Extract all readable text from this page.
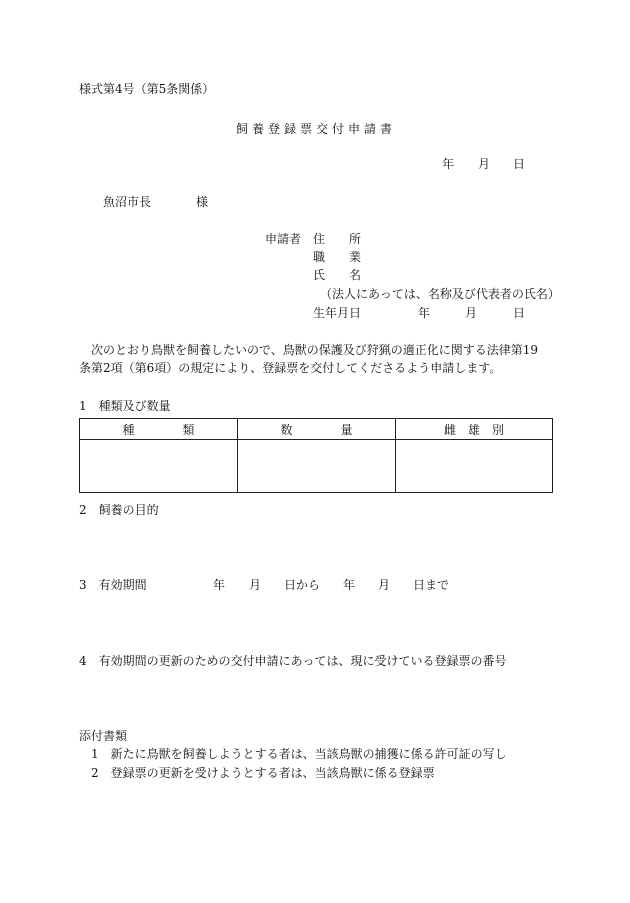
様式第4号（第5条関係）
飼養登録票交付申請書
年 月 日
魚沼市長	様
申請者 住　　所
職　　業
氏　　名
（法人にあっては、名称及び代表者の氏名）
生年月日	年	月	日
次のとおり鳥獣を飼養したいので、鳥獣の保護及び狩猟の適正化に関する法律第19
条第2項（第6項）の規定により、登録票を交付してくださるよう申請します。
1　種類及び数量
種　　　　類	数　　　　量	雌　雄　別

2　飼養の目的
3　有効期間	年 月 日から 年 月 日まで
4　有効期間の更新のための交付申請にあっては、現に受けている登録票の番号
添付書類
1　新たに鳥獣を飼養しようとする者は、当該鳥獣の捕獲に係る許可証の写し
2　登録票の更新を受けようとする者は、当該鳥獣に係る登録票
